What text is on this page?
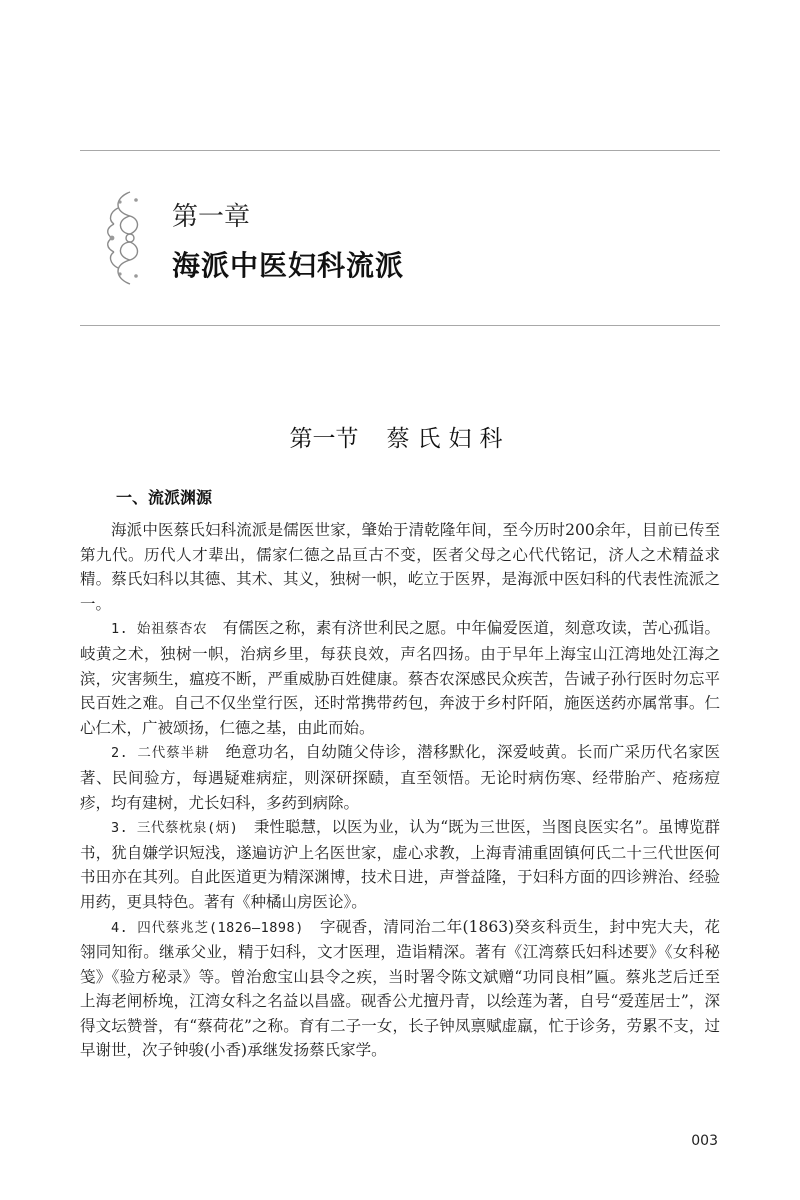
第一章
海派中医妇科流派
第一节 蔡氏妇科
一、流派渊源

海派中医蔡氏妇科流派是儒医世家，肇始于清乾隆年间，至今历时200余年，目前已传至第九代。历代人才辈出，儒家仁德之品亘古不变，医者父母之心代代铭记，济人之术精益求精。蔡氏妇科以其德、其术、其义，独树一帜，屹立于医界，是海派中医妇科的代表性流派之一。

1. 始祖蔡杏农　 有儒医之称，素有济世利民之愿。中年偏爱医道，刻意攻读，苦心孤诣。岐黄之术，独树一帜，治病乡里，每获良效，声名四扬。由于早年上海宝山江湾地处江海之滨，灾害频生，瘟疫不断，严重威胁百姓健康。蔡杏农深感民众疾苦，告诫子孙行医时勿忘平民百姓之难。自己不仅坐堂行医，还时常携带药包，奔波于乡村阡陌，施医送药亦属常事。仁心仁术，广被颂扬，仁德之基，由此而始。

2. 二代蔡半耕　 绝意功名，自幼随父侍诊，潜移默化，深爱岐黄。长而广采历代名家医著、民间验方，每遇疑难病症，则深研探赜，直至领悟。无论时病伤寒、经带胎产、疮疡痘疹，均有建树，尤长妇科，多药到病除。

3. 三代蔡枕泉(炳)　 秉性聪慧，以医为业，认为“既为三世医，当图良医实名”。虽博览群书，犹自嫌学识短浅，遂遍访沪上名医世家，虚心求教，上海青浦重固镇何氏二十三代世医何书田亦在其列。自此医道更为精深渊博，技术日进，声誉益隆，于妇科方面的四诊辨治、经验用药，更具特色。著有《种橘山房医论》。

4. 四代蔡兆芝(1826—1898)　 字砚香，清同治二年(1863)癸亥科贡生，封中宪大夫，花翎同知衔。继承父业，精于妇科，文才医理，造诣精深。著有《江湾蔡氏妇科述要》《女科秘笺》《验方秘录》等。曾治愈宝山县令之疾，当时署令陈文斌赠“功同良相”匾。蔡兆芝后迁至上海老闸桥堍，江湾女科之名益以昌盛。砚香公尤擅丹青，以绘莲为著，自号“爱莲居士”，深得文坛赞誉，有“蔡荷花”之称。育有二子一女，长子钟凤禀赋虚羸，忙于诊务，劳累不支，过早谢世，次子钟骏(小香)承继发扬蔡氏家学。

003
